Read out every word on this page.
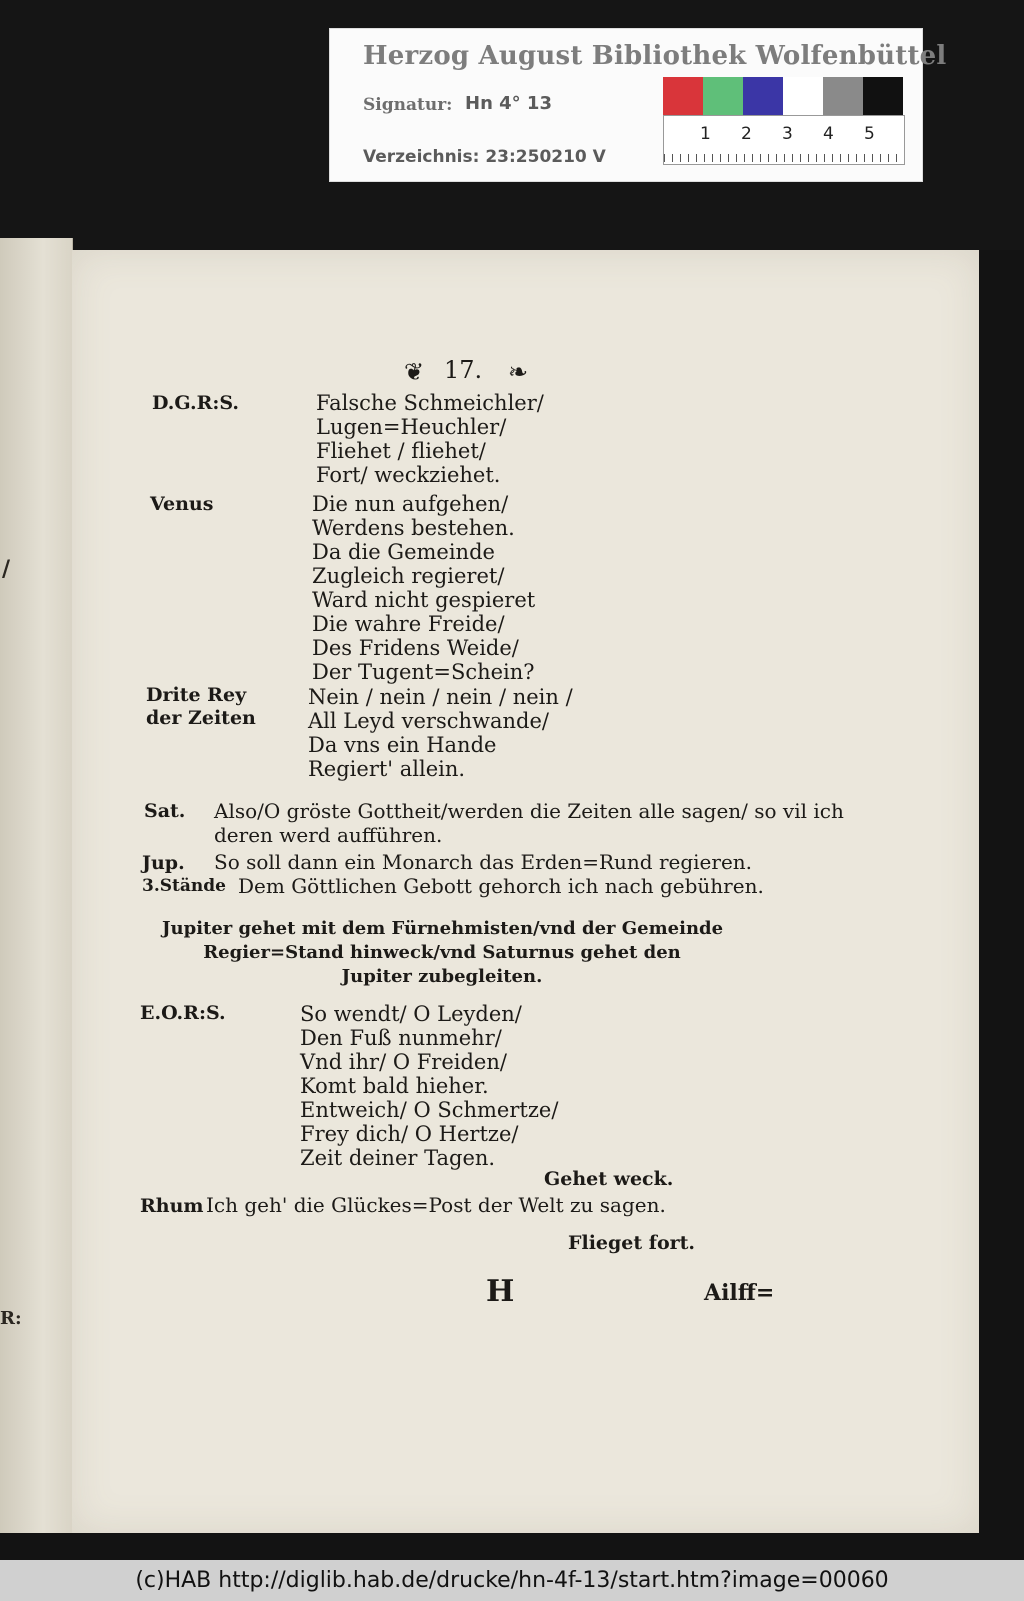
Herzog August Bibliothek Wolfenbüttel
Signatur: Hn 4° 13
Verzeichnis: 23:250210 V
1 2 3 4 5
/
R:
❦ 17. ❧
D.G.R:S.	Falsche Schmeichler/
Lugen=Heuchler/
Fliehet / fliehet/
Fort/ weckziehet.
Venus	Die nun aufgehen/
Werdens bestehen.
Da die Gemeinde
Zugleich regieret/
Ward nicht gespieret
Die wahre Freide/
Des Fridens Weide/
Der Tugent=Schein?
Drite Rey
der Zeiten
Nein / nein / nein / nein /
All Leyd verschwande/
Da vns ein Hande
Regiert' allein.
Sat. Also/O gröste Gottheit/werden die Zeiten alle sagen/ so vil ich
deren werd aufführen.
Jup. So soll dann ein Monarch das Erden=Rund regieren.
3.Stände Dem Göttlichen Gebott gehorch ich nach gebühren.
Jupiter gehet mit dem Fürnehmisten/vnd der Gemeinde
Regier=Stand hinweck/vnd Saturnus gehet den
Jupiter zubegleiten.
E.O.R:S.	So wendt/ O Leyden/
Den Fuß nunmehr/
Vnd ihr/ O Freiden/
Komt bald hieher.
Entweich/ O Schmertze/
Frey dich/ O Hertze/
Zeit deiner Tagen.
Gehet weck.
Rhum Ich geh' die Glückes=Post der Welt zu sagen.
Flieget fort.
H	Ailff=
(c)HAB http://diglib.hab.de/drucke/hn-4f-13/start.htm?image=00060
